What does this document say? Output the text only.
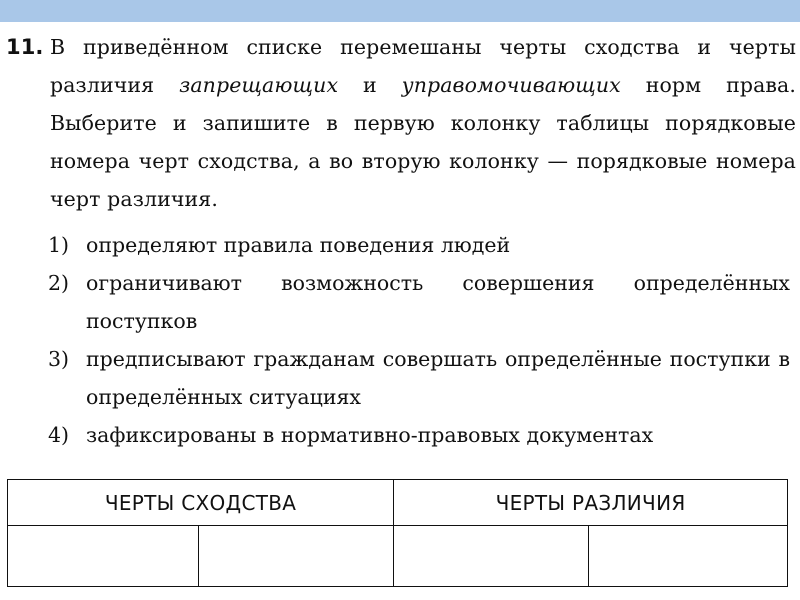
11. В приведённом списке перемешаны черты сходства и черты различия запрещающих и управомочивающих норм права. Выберите и запишите в первую колонку таблицы порядковые номера черт сходства, а во вторую колонку — порядковые номера черт различия.
1) определяют правила поведения людей
2) ограничивают возможность совершения определённых поступков
3) предписывают гражданам совершать определённые поступки в определённых ситуациях
4) зафиксированы в нормативно-правовых документах
ЧЕРТЫ СХОДСТВА		ЧЕРТЫ РАЗЛИЧИЯ	
